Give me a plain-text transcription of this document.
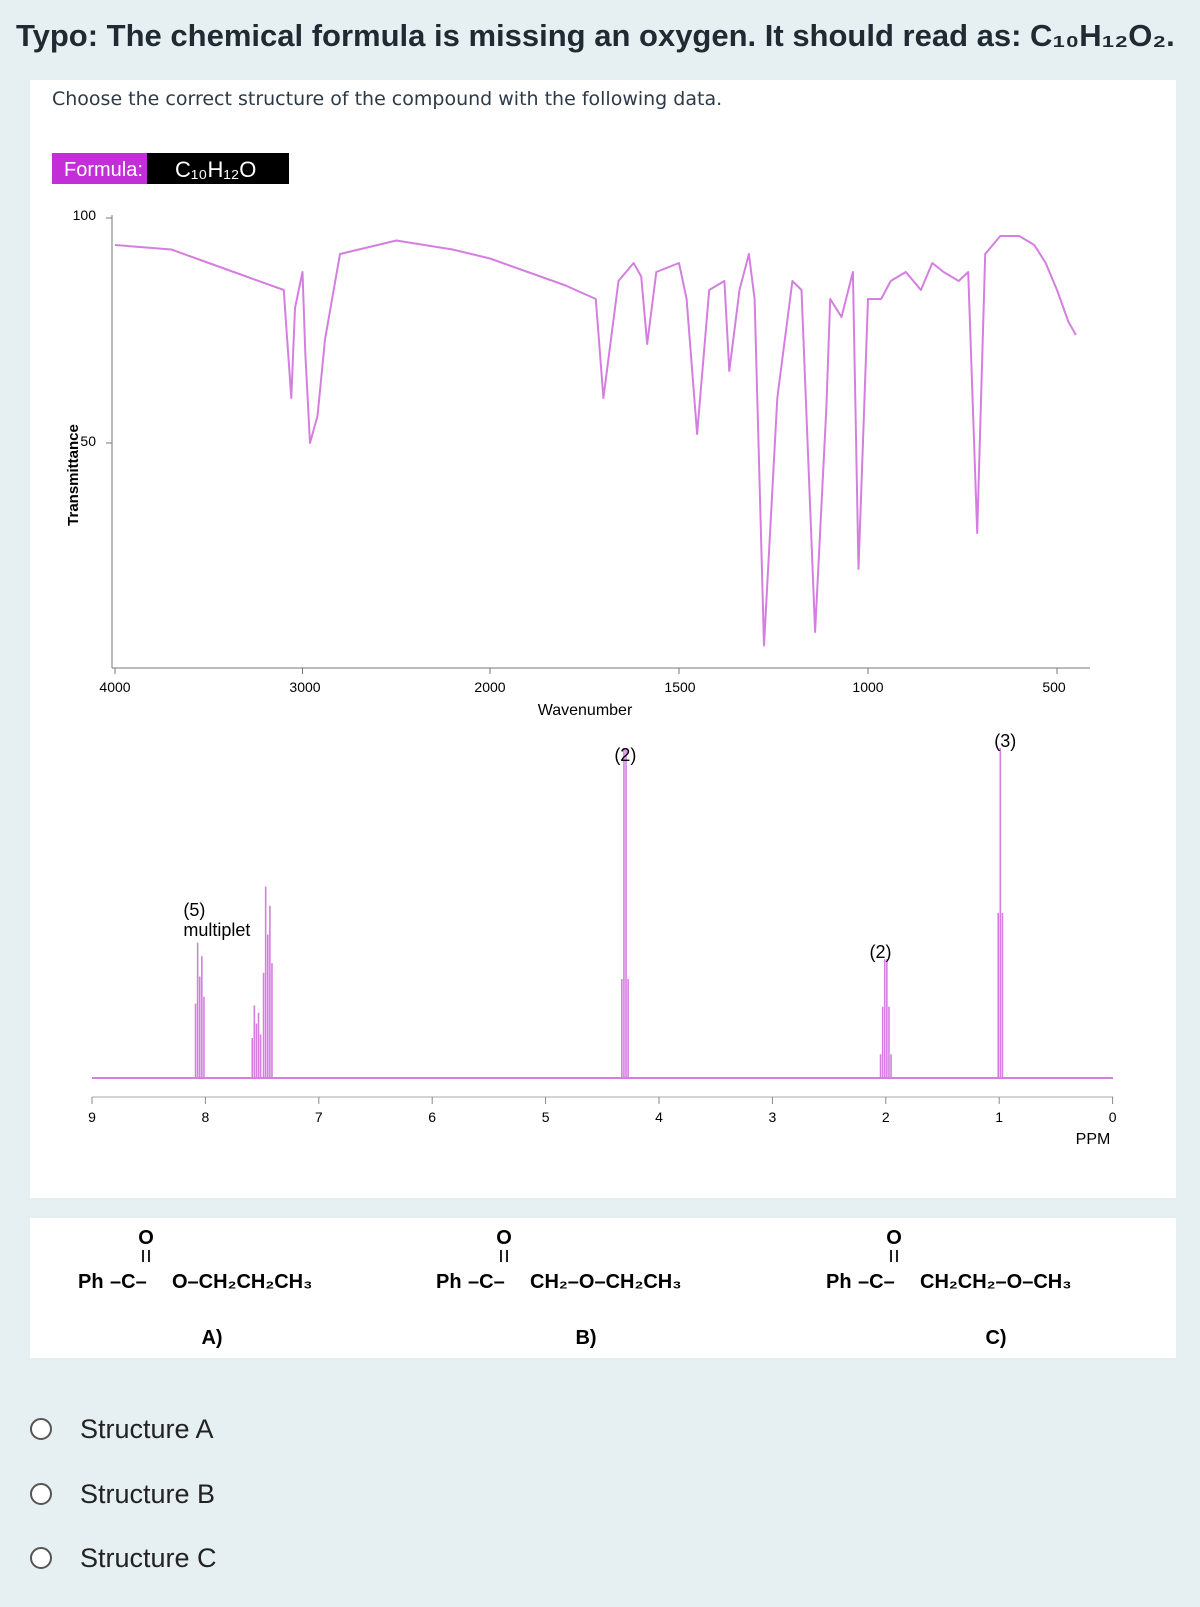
Typo: The chemical formula is missing an oxygen. It should read as: C₁₀H₁₂O₂.
Choose the correct structure of the compound with the following data.
Formula: C₁₀H₁₂O
100
50
Transmittance
4000	3000	2000	1500	1000	500
Wavenumber
9	8	7	6	5	4	3	2	1	0
PPM
(5)
multiplet
(2)
(2)
(3)
O
Ph –C– O–CH₂CH₂CH₃
A)
O
Ph –C– CH₂–O–CH₂CH₃
B)
O
Ph –C– CH₂CH₂–O–CH₃
C)
Structure A
Structure B
Structure C
